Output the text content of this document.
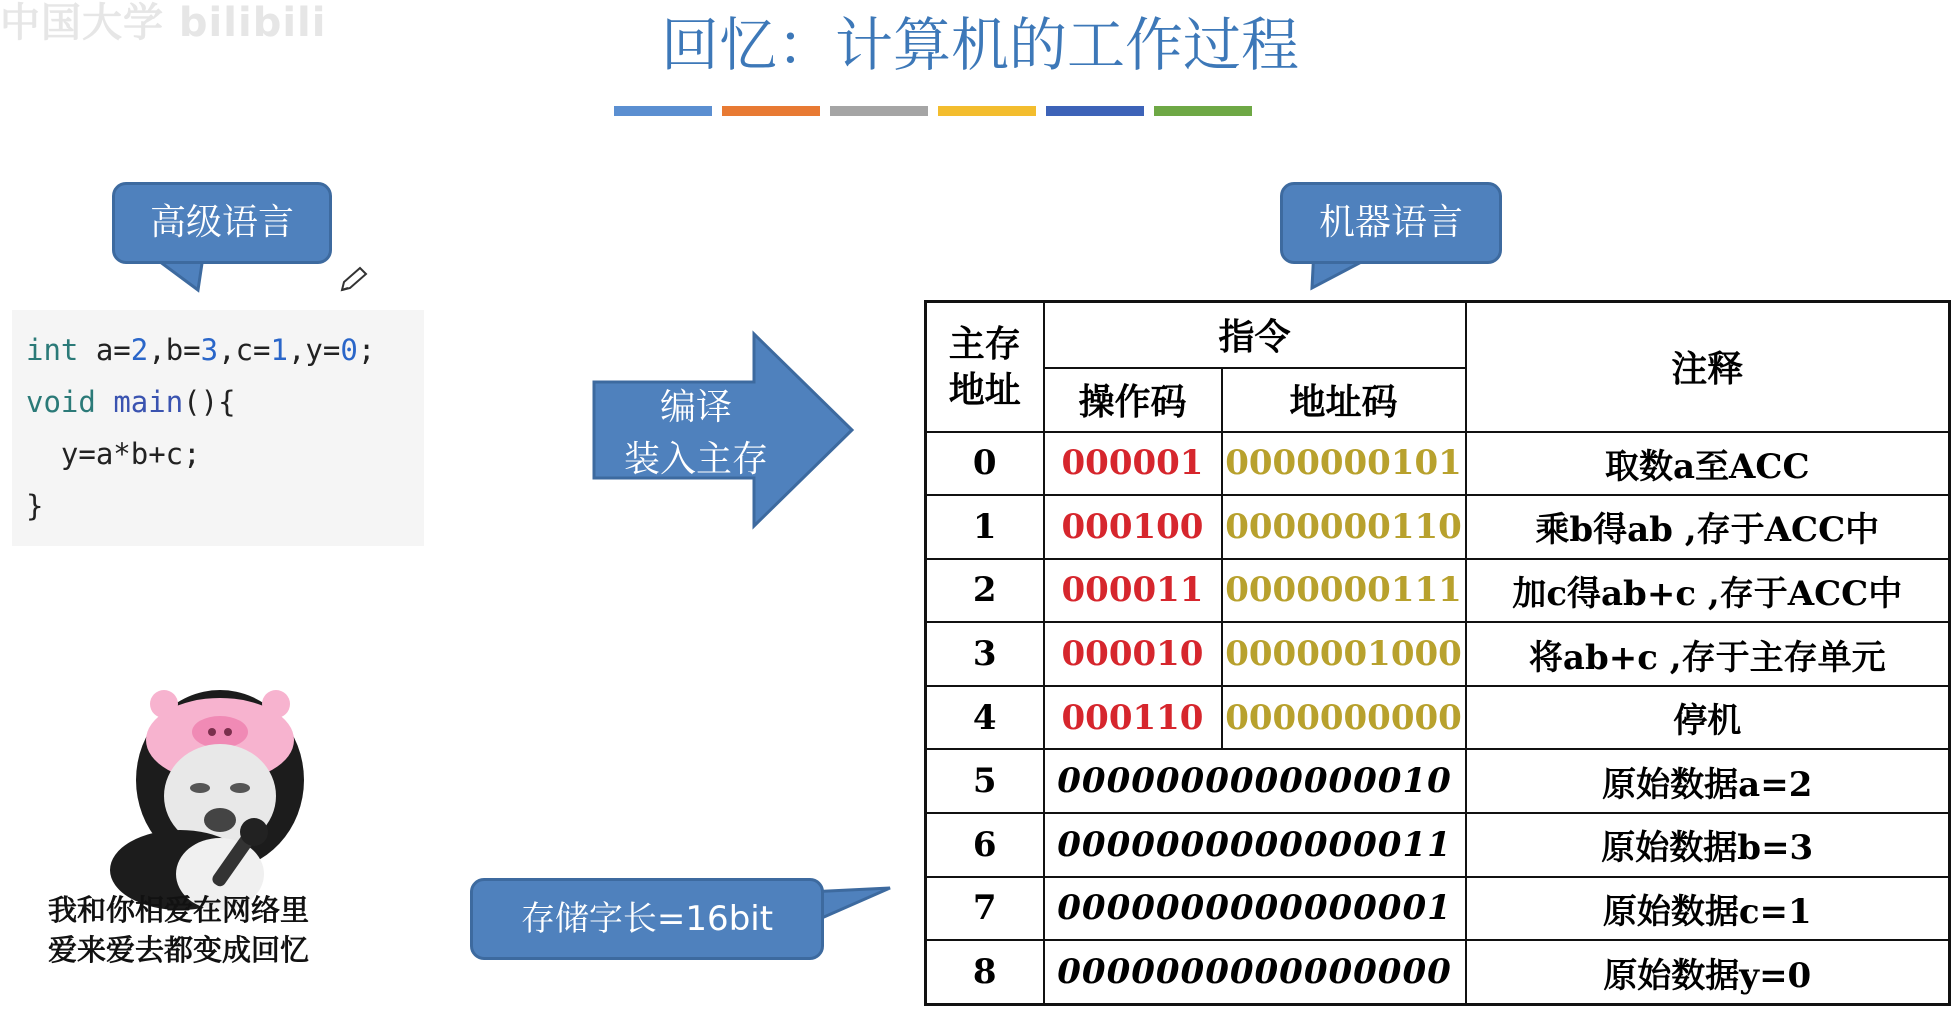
中国大学 bilibili	回忆：计算机的工作过程
高级语言
int a=2,b=3,c=1,y=0;
void main(){
y=a*b+c;
}
编译
装入主存
机器语言
主存
地址	指令		注释
	操作码	地址码	
0	000001	0000000101	取数a至ACC
1	000100	0000000110	乘b得ab ,存于ACC中
2	000011	0000000111	加c得ab+c ,存于ACC中
3	000010	0000001000	将ab+c ,存于主存单元
4	000110	0000000000	停机
5	0000000000000010		原始数据a=2
6	0000000000000011		原始数据b=3
7	0000000000000001		原始数据c=1
8	0000000000000000		原始数据y=0
存储字长=16bit
我和你相爱在网络里
爱来爱去都变成回忆
